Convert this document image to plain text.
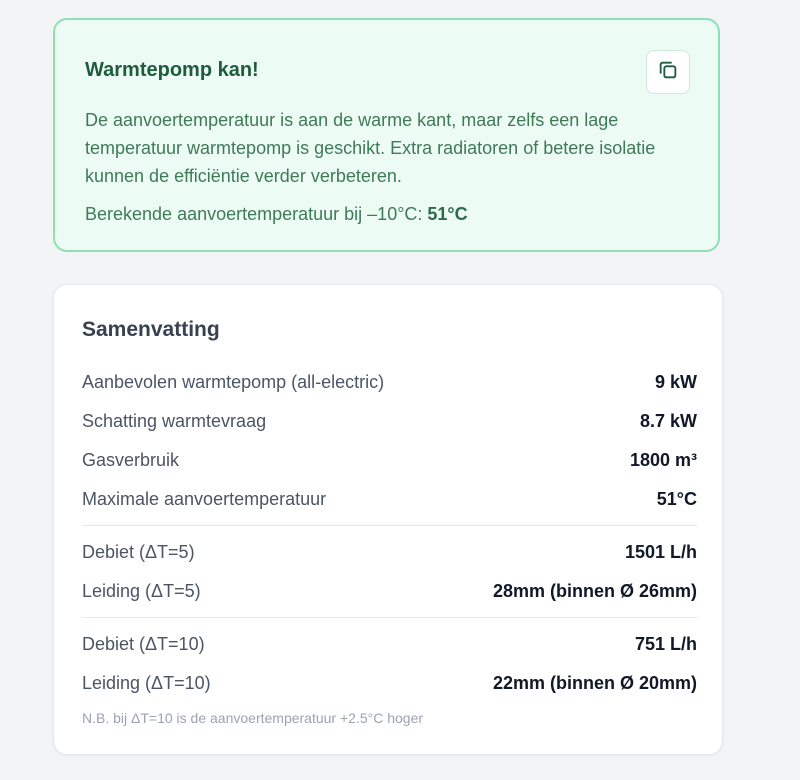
Warmtepomp kan!
De aanvoertemperatuur is aan de warme kant, maar zelfs een lage temperatuur warmtepomp is geschikt. Extra radiatoren of betere isolatie kunnen de efficiëntie verder verbeteren.
Berekende aanvoertemperatuur bij –10°C: 51°C
Samenvatting
Aanbevolen warmtepomp (all-electric)	9 kW
Schatting warmtevraag	8.7 kW
Gasverbruik	1800 m³
Maximale aanvoertemperatuur	51°C
Debiet (ΔT=5)	1501 L/h
Leiding (ΔT=5)	28mm (binnen Ø 26mm)
Debiet (ΔT=10)	751 L/h
Leiding (ΔT=10)	22mm (binnen Ø 20mm)
N.B. bij ΔT=10 is de aanvoertemperatuur +2.5°C hoger
